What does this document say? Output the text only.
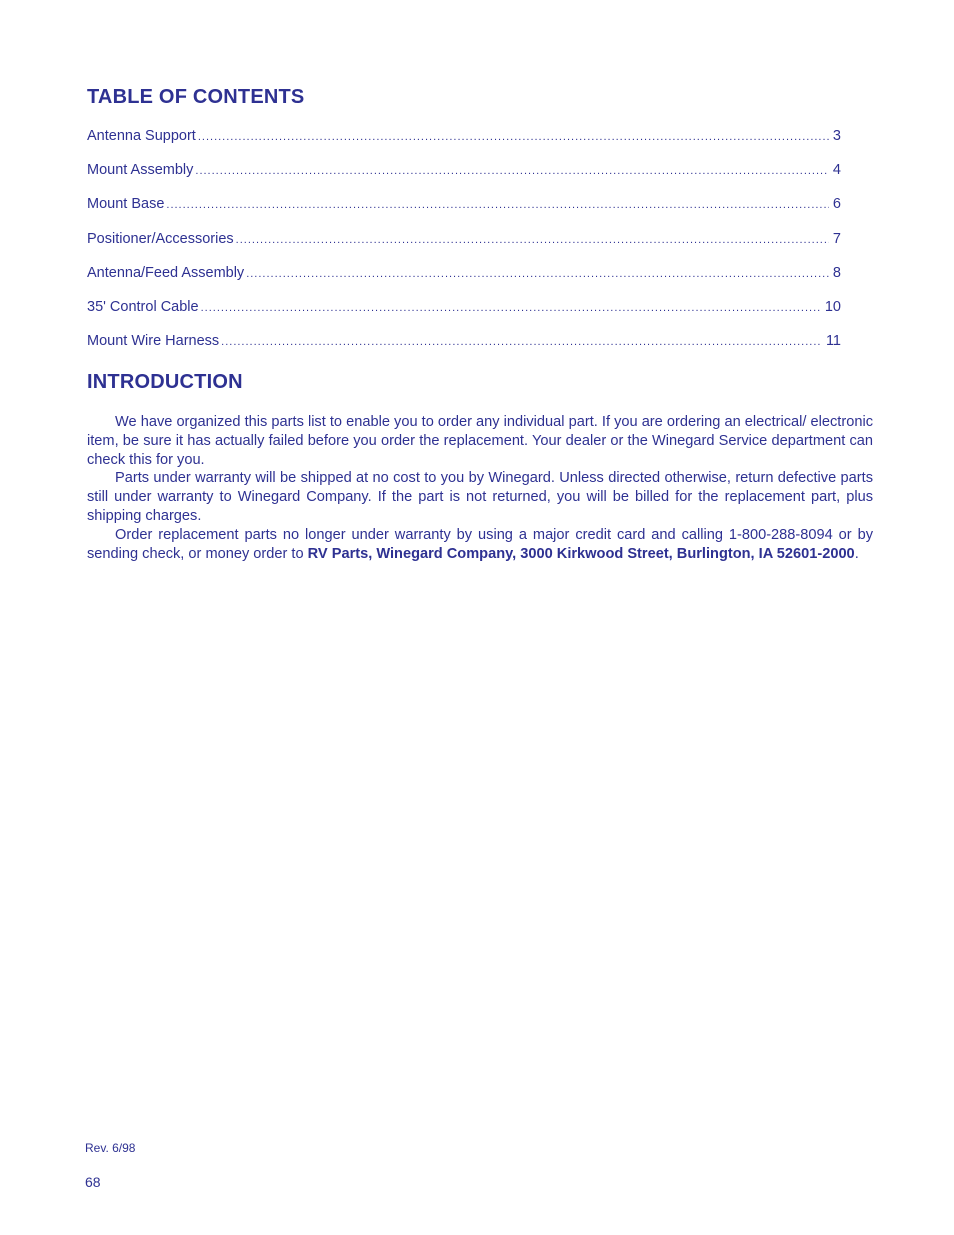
TABLE OF CONTENTS
Antenna Support .....	3
Mount Assembly .....	4
Mount Base .....	6
Positioner/Accessories .....	7
Antenna/Feed Assembly .....	8
35' Control Cable .....	10
Mount Wire Harness .....	11
INTRODUCTION

We have organized this parts list to enable you to order any individual part. If you are ordering an electrical/ electronic item, be sure it has actually failed before you order the replacement. Your dealer or the Winegard Service department can check this for you.

Parts under warranty will be shipped at no cost to you by Winegard. Unless directed otherwise, return defective parts still under warranty to Winegard Company. If the part is not returned, you will be billed for the replacement part, plus shipping charges.

Order replacement parts no longer under warranty by using a major credit card and calling 1-800-288-8094 or by sending check, or money order to RV Parts, Winegard Company, 3000 Kirkwood Street, Burlington, IA 52601-2000.

Rev. 6/98
68
